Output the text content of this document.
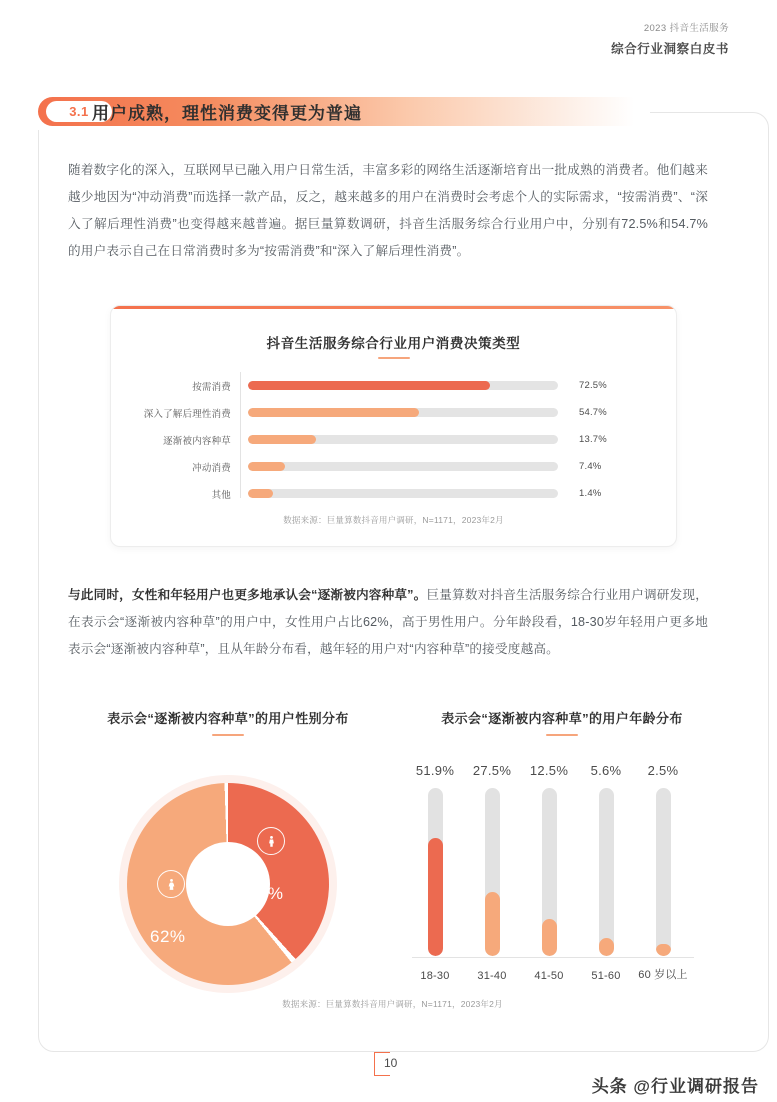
2023 抖音生活服务
综合行业洞察白皮书
3.1 用户成熟，理性消费变得更为普遍
随着数字化的深入，互联网早已融入用户日常生活，丰富多彩的网络生活逐渐培育出一批成熟的消费者。他们越来越少地因为“冲动消费”而选择一款产品，反之，越来越多的用户在消费时会考虑个人的实际需求，“按需消费”、“深入了解后理性消费”也变得越来越普遍。据巨量算数调研，抖音生活服务综合行业用户中，分别有72.5%和54.7%的用户表示自己在日常消费时多为“按需消费”和“深入了解后理性消费”。
抖音生活服务综合行业用户消费决策类型
按需消费	72.5%
深入了解后理性消费	54.7%
逐渐被内容种草	13.7%
冲动消费	7.4%
其他	1.4%
数据来源：巨量算数抖音用户调研，N=1171，2023年2月
与此同时，女性和年轻用户也更多地承认会“逐渐被内容种草”。巨量算数对抖音生活服务综合行业用户调研发现，在表示会“逐渐被内容种草”的用户中，女性用户占比62%，高于男性用户。分年龄段看，18-30岁年轻用户更多地表示会“逐渐被内容种草”，且从年龄分布看，越年轻的用户对“内容种草”的接受度越高。
表示会“逐渐被内容种草”的用户性别分布	表示会“逐渐被内容种草”的用户年龄分布
38%
62%
51.9%
18-30
27.5%
31-40
12.5%
41-50
5.6%
51-60
2.5%
60 岁以上
数据来源：巨量算数抖音用户调研，N=1171，2023年2月
10
头条 @行业调研报告
